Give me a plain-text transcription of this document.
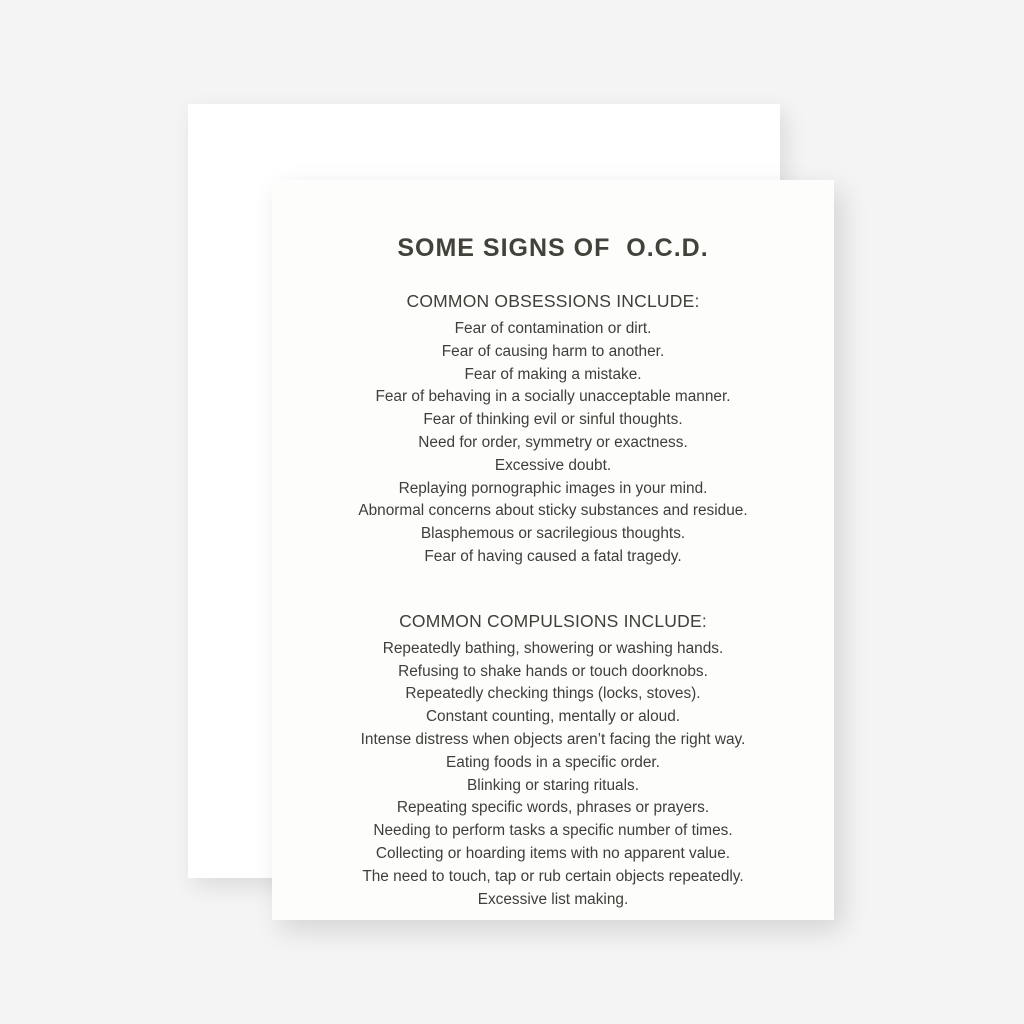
SOME SIGNS OF  O.C.D.
COMMON OBSESSIONS INCLUDE:
Fear of contamination or dirt.
Fear of causing harm to another.
Fear of making a mistake.
Fear of behaving in a socially unacceptable manner.
Fear of thinking evil or sinful thoughts.
Need for order, symmetry or exactness.
Excessive doubt.
Replaying pornographic images in your mind.
Abnormal concerns about sticky substances and residue.
Blasphemous or sacrilegious thoughts.
Fear of having caused a fatal tragedy.
COMMON COMPULSIONS INCLUDE:
Repeatedly bathing, showering or washing hands.
Refusing to shake hands or touch doorknobs.
Repeatedly checking things (locks, stoves).
Constant counting, mentally or aloud.
Intense distress when objects aren’t facing the right way.
Eating foods in a specific order.
Blinking or staring rituals.
Repeating specific words, phrases or prayers.
Needing to perform tasks a specific number of times.
Collecting or hoarding items with no apparent value.
The need to touch, tap or rub certain objects repeatedly.
Excessive list making.
